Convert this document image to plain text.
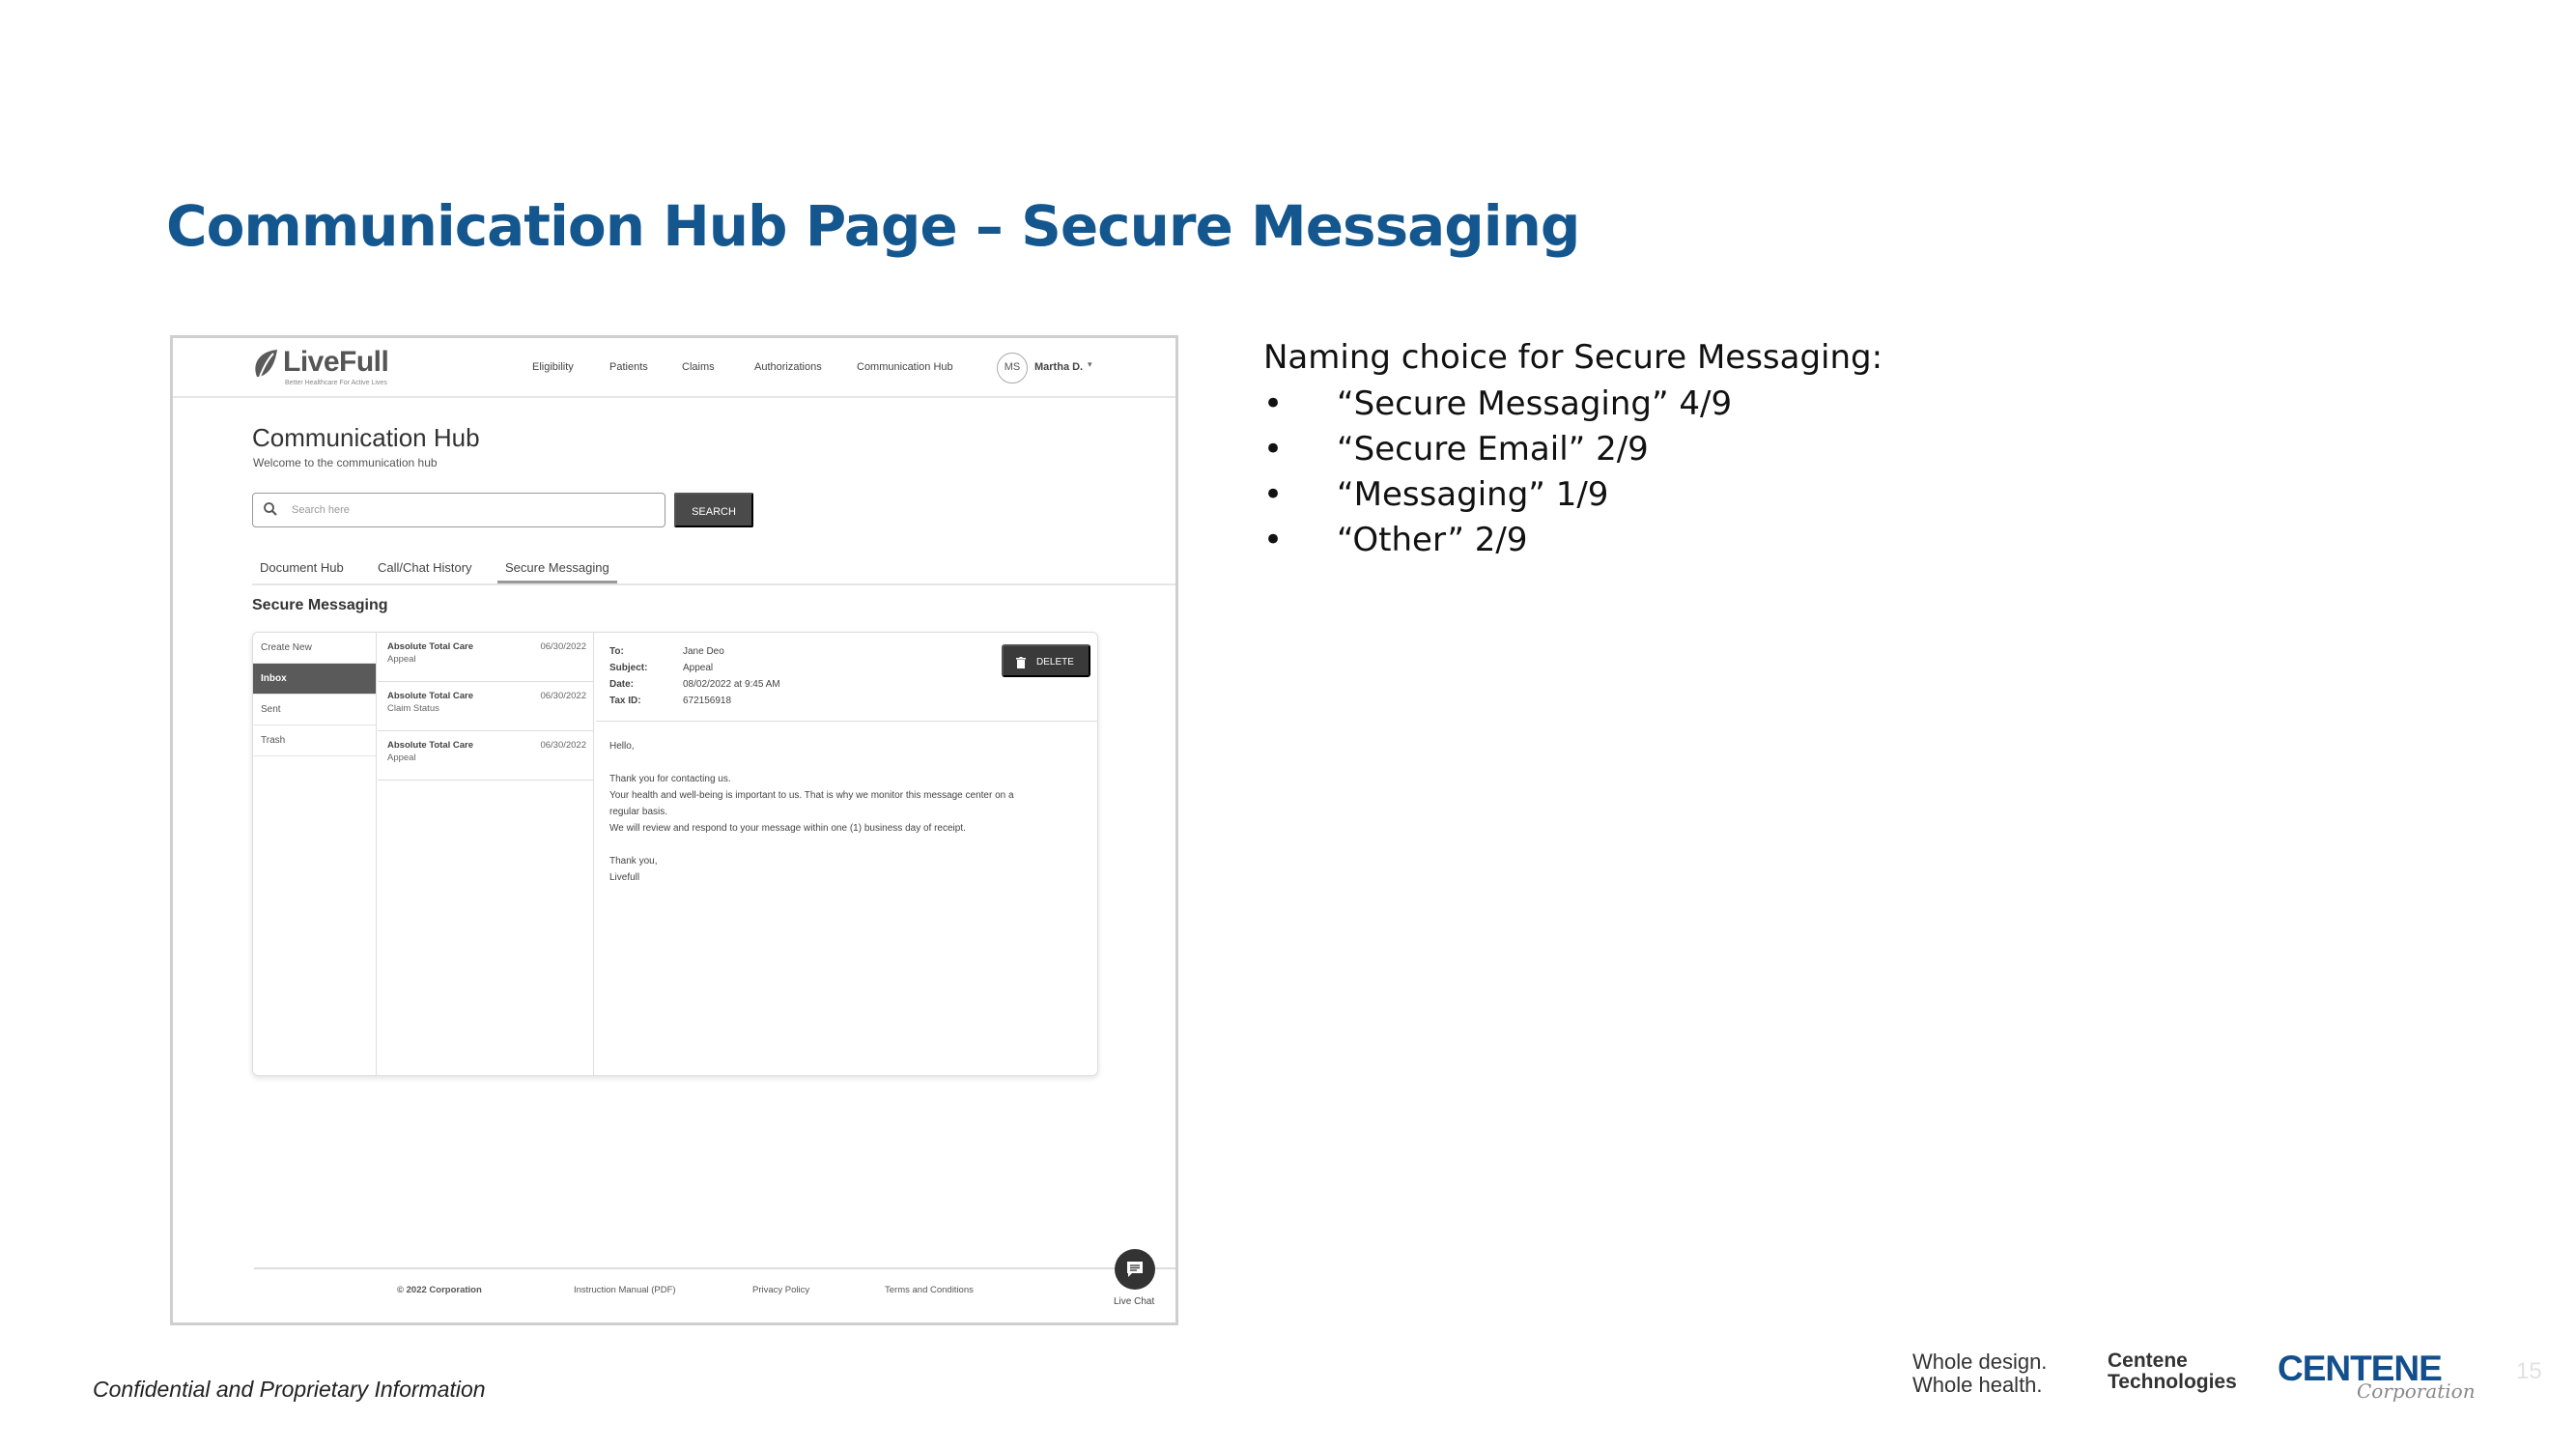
Communication Hub Page – Secure Messaging
LiveFull
Better Healthcare For Active Lives
Eligibility	Patients	Claims	Authorizations	Communication Hub	MS	Martha D. ▾
Communication Hub
Welcome to the communication hub
Search here
SEARCH
Document Hub	Call/Chat History	Secure Messaging
Secure Messaging
Create New
Inbox
Sent
Trash
Absolute Total Care
Appeal
06/30/2022
Absolute Total Care
Claim Status
06/30/2022
Absolute Total Care
Appeal
06/30/2022
To:	Jane Deo
Subject:	Appeal
Date:	08/02/2022 at 9:45 AM
Tax ID:	672156918
DELETE
Hello,
Thank you for contacting us.
Your health and well-being is important to us. That is why we monitor this message center on a
regular basis.
We will review and respond to your message within one (1) business day of receipt.
Thank you,
Livefull
© 2022 Corporation	Instruction Manual (PDF)	Privacy Policy	Terms and Conditions
Live Chat
Naming choice for Secure Messaging:
• “Secure Messaging” 4/9
• “Secure Email” 2/9
• “Messaging” 1/9
• “Other” 2/9
Confidential and Proprietary Information
Whole design.
Whole health.
Centene
Technologies CENTENE
Corporation
15
